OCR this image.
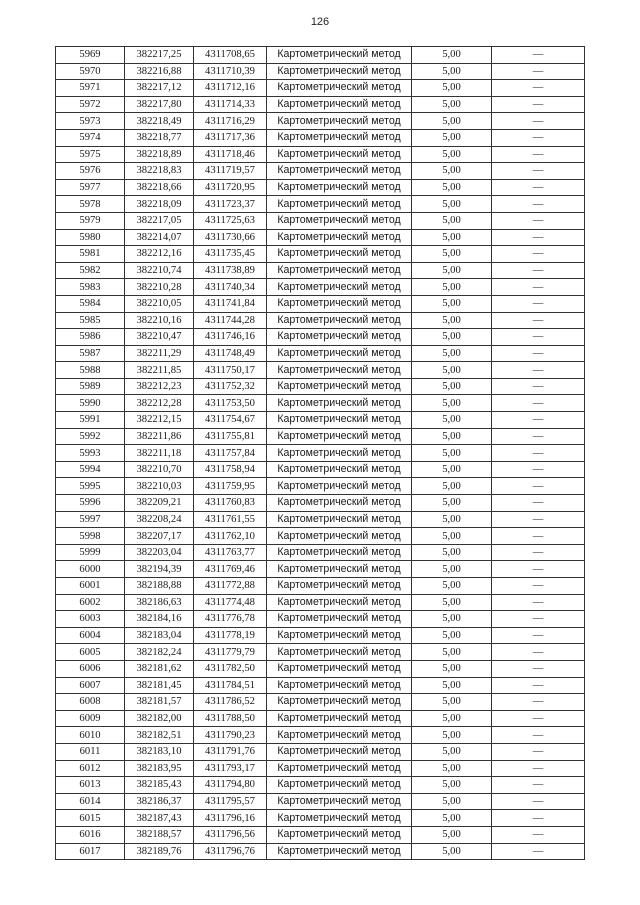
126
5969	382217,25	4311708,65	Картометрический метод	5,00	—
5970	382216,88	4311710,39	Картометрический метод	5,00	—
5971	382217,12	4311712,16	Картометрический метод	5,00	—
5972	382217,80	4311714,33	Картометрический метод	5,00	—
5973	382218,49	4311716,29	Картометрический метод	5,00	—
5974	382218,77	4311717,36	Картометрический метод	5,00	—
5975	382218,89	4311718,46	Картометрический метод	5,00	—
5976	382218,83	4311719,57	Картометрический метод	5,00	—
5977	382218,66	4311720,95	Картометрический метод	5,00	—
5978	382218,09	4311723,37	Картометрический метод	5,00	—
5979	382217,05	4311725,63	Картометрический метод	5,00	—
5980	382214,07	4311730,66	Картометрический метод	5,00	—
5981	382212,16	4311735,45	Картометрический метод	5,00	—
5982	382210,74	4311738,89	Картометрический метод	5,00	—
5983	382210,28	4311740,34	Картометрический метод	5,00	—
5984	382210,05	4311741,84	Картометрический метод	5,00	—
5985	382210,16	4311744,28	Картометрический метод	5,00	—
5986	382210,47	4311746,16	Картометрический метод	5,00	—
5987	382211,29	4311748,49	Картометрический метод	5,00	—
5988	382211,85	4311750,17	Картометрический метод	5,00	—
5989	382212,23	4311752,32	Картометрический метод	5,00	—
5990	382212,28	4311753,50	Картометрический метод	5,00	—
5991	382212,15	4311754,67	Картометрический метод	5,00	—
5992	382211,86	4311755,81	Картометрический метод	5,00	—
5993	382211,18	4311757,84	Картометрический метод	5,00	—
5994	382210,70	4311758,94	Картометрический метод	5,00	—
5995	382210,03	4311759,95	Картометрический метод	5,00	—
5996	382209,21	4311760,83	Картометрический метод	5,00	—
5997	382208,24	4311761,55	Картометрический метод	5,00	—
5998	382207,17	4311762,10	Картометрический метод	5,00	—
5999	382203,04	4311763,77	Картометрический метод	5,00	—
6000	382194,39	4311769,46	Картометрический метод	5,00	—
6001	382188,88	4311772,88	Картометрический метод	5,00	—
6002	382186,63	4311774,48	Картометрический метод	5,00	—
6003	382184,16	4311776,78	Картометрический метод	5,00	—
6004	382183,04	4311778,19	Картометрический метод	5,00	—
6005	382182,24	4311779,79	Картометрический метод	5,00	—
6006	382181,62	4311782,50	Картометрический метод	5,00	—
6007	382181,45	4311784,51	Картометрический метод	5,00	—
6008	382181,57	4311786,52	Картометрический метод	5,00	—
6009	382182,00	4311788,50	Картометрический метод	5,00	—
6010	382182,51	4311790,23	Картометрический метод	5,00	—
6011	382183,10	4311791,76	Картометрический метод	5,00	—
6012	382183,95	4311793,17	Картометрический метод	5,00	—
6013	382185,43	4311794,80	Картометрический метод	5,00	—
6014	382186,37	4311795,57	Картометрический метод	5,00	—
6015	382187,43	4311796,16	Картометрический метод	5,00	—
6016	382188,57	4311796,56	Картометрический метод	5,00	—
6017	382189,76	4311796,76	Картометрический метод	5,00	—
